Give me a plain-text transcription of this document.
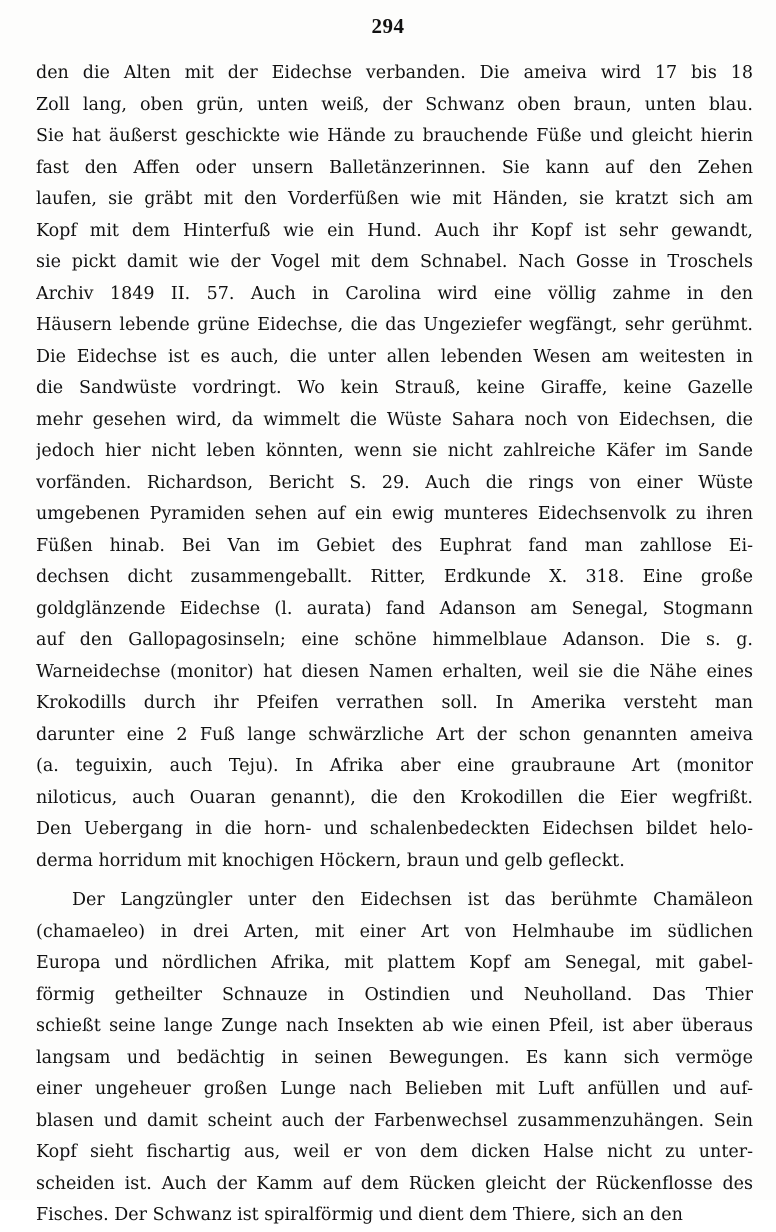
294
den die Alten mit der Eidechse verbanden. Die ameiva wird 17 bis 18
Zoll lang, oben grün, unten weiß, der Schwanz oben braun, unten blau.
Sie hat äußerst geschickte wie Hände zu brauchende Füße und gleicht hierin
fast den Affen oder unsern Balletänzerinnen. Sie kann auf den Zehen
laufen, sie gräbt mit den Vorderfüßen wie mit Händen, sie kratzt sich am
Kopf mit dem Hinterfuß wie ein Hund. Auch ihr Kopf ist sehr gewandt,
sie pickt damit wie der Vogel mit dem Schnabel. Nach Gosse in Troschels
Archiv 1849 II. 57. Auch in Carolina wird eine völlig zahme in den
Häusern lebende grüne Eidechse, die das Ungeziefer wegfängt, sehr gerühmt.
Die Eidechse ist es auch, die unter allen lebenden Wesen am weitesten in
die Sandwüste vordringt. Wo kein Strauß, keine Giraffe, keine Gazelle
mehr gesehen wird, da wimmelt die Wüste Sahara noch von Eidechsen, die
jedoch hier nicht leben könnten, wenn sie nicht zahlreiche Käfer im Sande
vorfänden. Richardson, Bericht S. 29. Auch die rings von einer Wüste
umgebenen Pyramiden sehen auf ein ewig munteres Eidechsenvolk zu ihren
Füßen hinab. Bei Van im Gebiet des Euphrat fand man zahllose Ei-
dechsen dicht zusammengeballt. Ritter, Erdkunde X. 318. Eine große
goldglänzende Eidechse (l. aurata) fand Adanson am Senegal, Stogmann
auf den Gallopagosinseln; eine schöne himmelblaue Adanson. Die s. g.
Warneidechse (monitor) hat diesen Namen erhalten, weil sie die Nähe eines
Krokodills durch ihr Pfeifen verrathen soll. In Amerika versteht man
darunter eine 2 Fuß lange schwärzliche Art der schon genannten ameiva
(a. teguixin, auch Teju). In Afrika aber eine graubraune Art (monitor
niloticus, auch Ouaran genannt), die den Krokodillen die Eier wegfrißt.
Den Uebergang in die horn- und schalenbedeckten Eidechsen bildet helo-
derma horridum mit knochigen Höckern, braun und gelb gefleckt.
Der Langzüngler unter den Eidechsen ist das berühmte Chamäleon
(chamaeleo) in drei Arten, mit einer Art von Helmhaube im südlichen
Europa und nördlichen Afrika, mit plattem Kopf am Senegal, mit gabel-
förmig getheilter Schnauze in Ostindien und Neuholland. Das Thier
schießt seine lange Zunge nach Insekten ab wie einen Pfeil, ist aber überaus
langsam und bedächtig in seinen Bewegungen. Es kann sich vermöge
einer ungeheuer großen Lunge nach Belieben mit Luft anfüllen und auf-
blasen und damit scheint auch der Farbenwechsel zusammenzuhängen. Sein
Kopf sieht fischartig aus, weil er von dem dicken Halse nicht zu unter-
scheiden ist. Auch der Kamm auf dem Rücken gleicht der Rückenflosse des
Fisches. Der Schwanz ist spiralförmig und dient dem Thiere, sich an den
